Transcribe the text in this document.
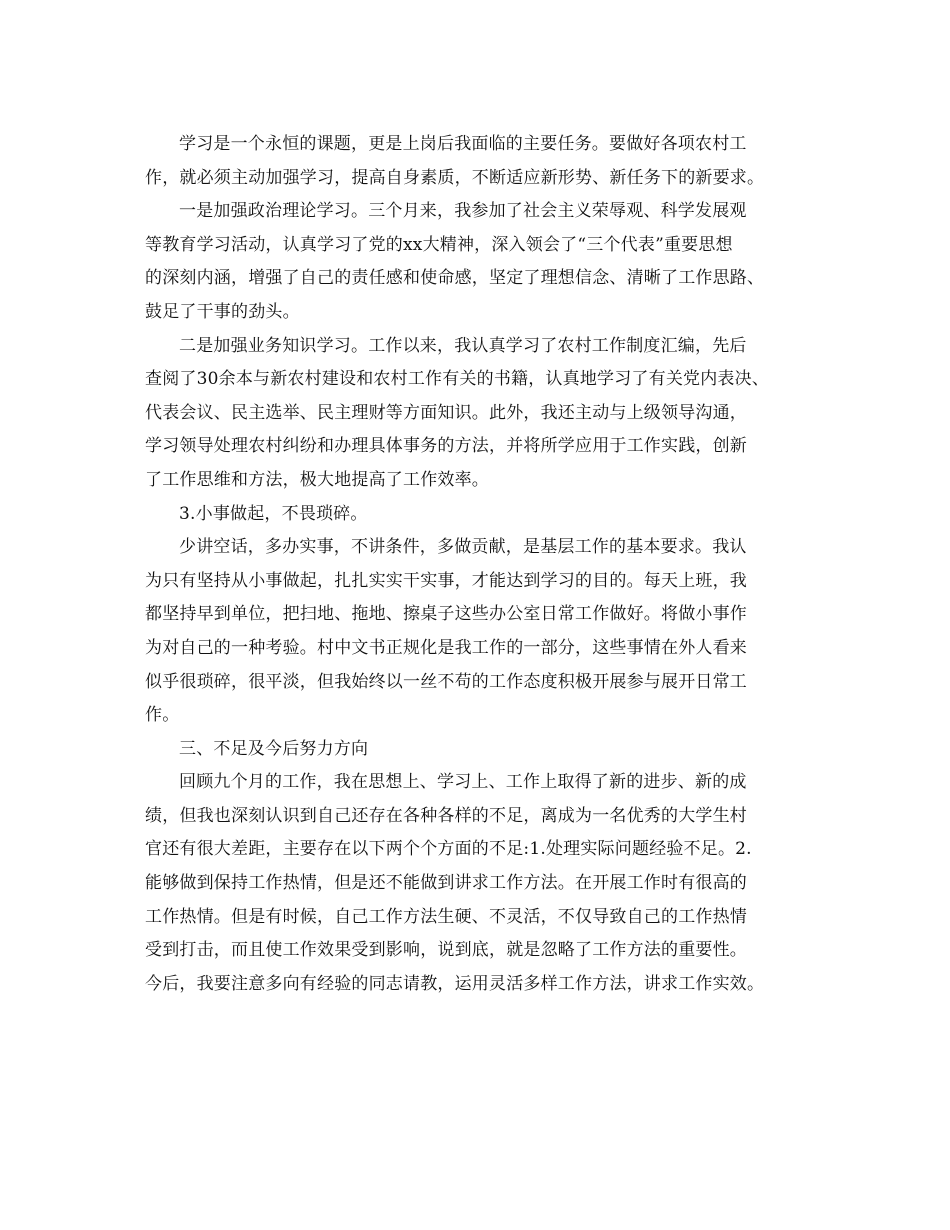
学习是一个永恒的课题，更是上岗后我面临的主要任务。要做好各项农村工
作，就必须主动加强学习，提高自身素质，不断适应新形势、新任务下的新要求。
一是加强政治理论学习。三个月来，我参加了社会主义荣辱观、科学发展观
等教育学习活动，认真学习了党的xx大精神，深入领会了“三个代表”重要思想
的深刻内涵，增强了自己的责任感和使命感，坚定了理想信念、清晰了工作思路、
鼓足了干事的劲头。
二是加强业务知识学习。工作以来，我认真学习了农村工作制度汇编，先后
查阅了30余本与新农村建设和农村工作有关的书籍，认真地学习了有关党内表决、
代表会议、民主选举、民主理财等方面知识。此外，我还主动与上级领导沟通，
学习领导处理农村纠纷和办理具体事务的方法，并将所学应用于工作实践，创新
了工作思维和方法，极大地提高了工作效率。
3.小事做起，不畏琐碎。
少讲空话，多办实事，不讲条件，多做贡献，是基层工作的基本要求。我认
为只有坚持从小事做起，扎扎实实干实事，才能达到学习的目的。每天上班，我
都坚持早到单位，把扫地、拖地、擦桌子这些办公室日常工作做好。将做小事作
为对自己的一种考验。村中文书正规化是我工作的一部分，这些事情在外人看来
似乎很琐碎，很平淡，但我始终以一丝不苟的工作态度积极开展参与展开日常工
作。
三、不足及今后努力方向
回顾九个月的工作，我在思想上、学习上、工作上取得了新的进步、新的成
绩，但我也深刻认识到自己还存在各种各样的不足，离成为一名优秀的大学生村
官还有很大差距，主要存在以下两个个方面的不足:1.处理实际问题经验不足。2.
能够做到保持工作热情，但是还不能做到讲求工作方法。在开展工作时有很高的
工作热情。但是有时候，自己工作方法生硬、不灵活，不仅导致自己的工作热情
受到打击，而且使工作效果受到影响，说到底，就是忽略了工作方法的重要性。
今后，我要注意多向有经验的同志请教，运用灵活多样工作方法，讲求工作实效。
